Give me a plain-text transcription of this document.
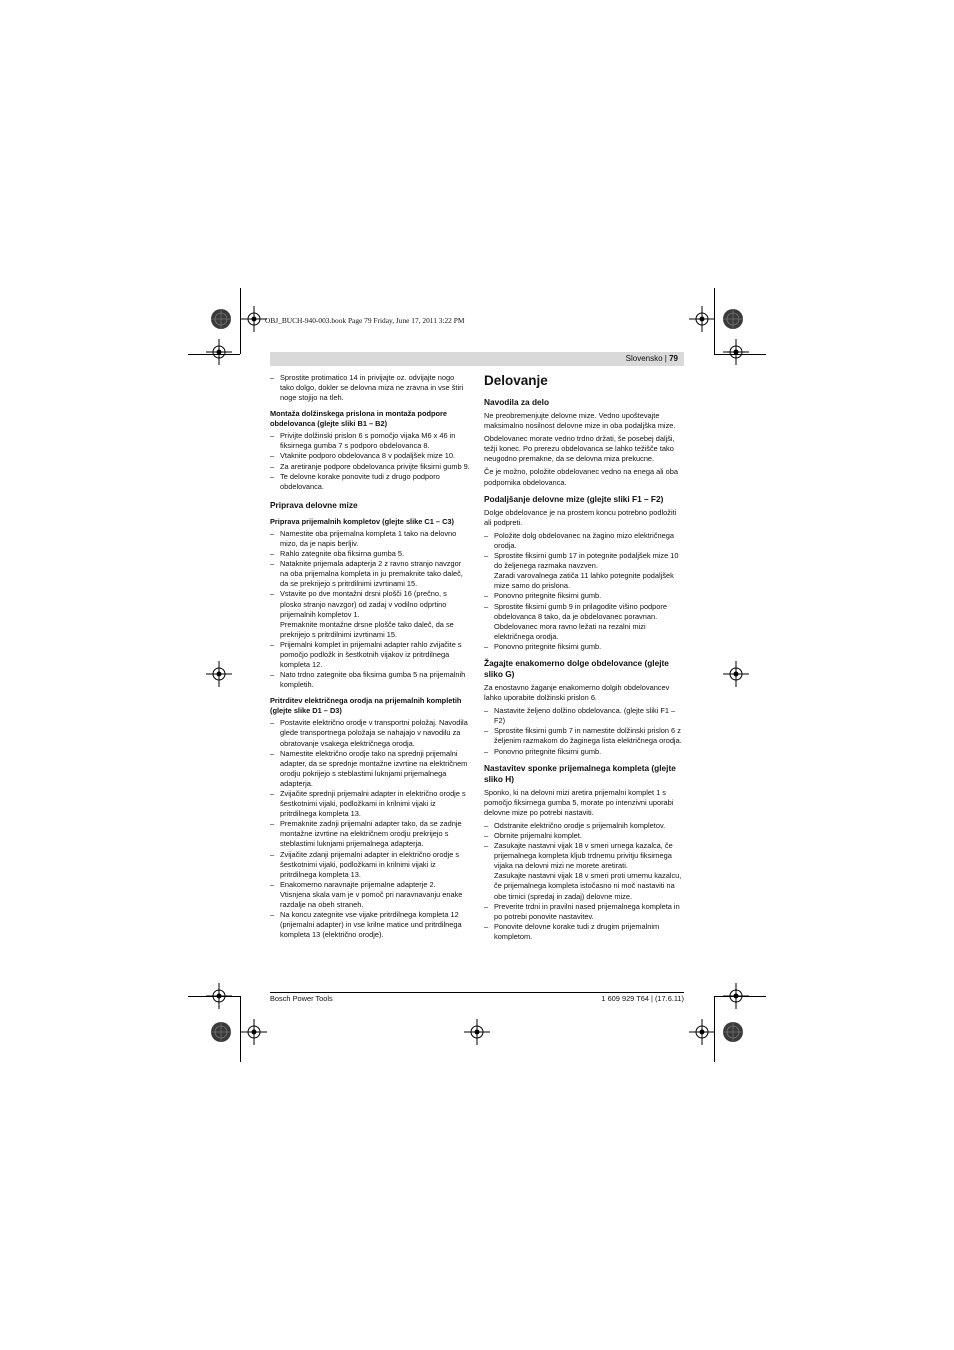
OBJ_BUCH-940-003.book Page 79 Friday, June 17, 2011 3:22 PM
Slovensko | 79
– Sprostite protimatico 14 in privijajte oz. odvijajte nogo tako dolgo, dokler se delovna miza ne zravna in vse štiri noge stojijo na tleh.
Montaža dolžinskega prislona in montaža podpore obdelovanca (glejte sliki B1 – B2)
– Privijte dolžinski prislon 6 s pomočjo vijaka M6 x 46 in fiksirnega gumba 7 s podporo obdelovanca 8.
– Vtaknite podporo obdelovanca 8 v podaljšek mize 10.
– Za aretiranje podpore obdelovanca privijte fiksirni gumb 9.
– Te delovne korake ponovite tudi z drugo podporo obdelovanca.
Priprava delovne mize
Priprava prijemalnih kompletov (glejte slike C1 – C3)
– Namestite oba prijemalna kompleta 1 tako na delovno mizo, da je napis berljiv.
– Rahlo zategnite oba fiksirna gumba 5.
– Nataknite prijemala adapterja 2 z ravno stranjo navzgor na oba prijemalna kompleta in ju premaknite tako daleč, da se prekrijejo s pritrdilnimi izvrtinami 15.
– Vstavite po dve montažni drsni plošči 16 (prečno, s plosko stranjo navzgor) od zadaj v vodilno odprtino prijemalnih kompletov 1.
Premaknite montažne drsne plošče tako daleč, da se prekrijejo s pritrdilnimi izvrtinami 15.
– Prijemalni komplet in prijemalni adapter rahlo zvijačite s pomočjo podložk in šestkotnih vijakov iz pritrdilnega kompleta 12.
– Nato trdno zategnite oba fiksirna gumba 5 na prijemalnih kompletih.
Pritrditev električnega orodja na prijemalnih kompletih (glejte slike D1 – D3)
– Postavite električno orodje v transportni položaj. Navodila glede transportnega položaja se nahajajo v navodilu za obratovanje vsakega električnega orodja.
– Namestite električno orodje tako na sprednji prijemalni adapter, da se sprednje montažne izvrtine na električnem orodju pokrijejo s steblastimi luknjami prijemalnega adapterja.
– Zvijačite sprednji prijemalni adapter in električno orodje s šestkotnimi vijaki, podložkami in krilnimi vijaki iz pritrdilnega kompleta 13.
– Premaknite zadnji prijemalni adapter tako, da se zadnje montažne izvrtine na električnem orodju prekrijejo s steblastimi luknjami prijemalnega adapterja.
– Zvijačite zdanji prijemalni adapter in električno orodje s šestkotnimi vijaki, podložkami in krilnimi vijaki iz pritrdilnega kompleta 13.
– Enakomerno naravnajte prijemalne adapterje 2.
Vtisnjena skala vam je v pomoč pri naravnavanju enake razdalje na obeh straneh.
– Na koncu zategnite vse vijake pritrdilnega kompleta 12 (prijemalni adapter) in vse krilne matice und pritrdilnega kompleta 13 (električno orodje).
Delovanje
Navodila za delo

Ne preobremenjujte delovne mize. Vedno upoštevajte maksimalno nosilnost delovne mize in oba podaljška mize.

Obdelovanec morate vedno trdno držati, še posebej daljši, težji konec. Po prerezu obdelovanca se lahko težišče tako neugodno premakne, da se delovna miza prekucne.

Če je možno, položite obdelovanec vedno na enega ali oba podpornika obdelovanca.

Podaljšanje delovne mize (glejte sliki F1 – F2)

Dolge obdelovance je na prostem koncu potrebno podložiti ali podpreti.

– Položite dolg obdelovanec na žagino mizo električnega orodja.
– Sprostite fiksirni gumb 17 in potegnite podaljšek mize 10 do željenega razmaka navzven.
Zaradi varovalnega zatiča 11 lahko potegnite podaljšek mize samo do prislona.
– Ponovno pritegnite fiksirni gumb.
– Sprostite fiksirni gumb 9 in prilagodite višino podpore obdelovanca 8 tako, da je obdelovanec poravnan.
Obdelovanec mora ravno ležati na rezalni mizi električnega orodja.
– Ponovno pritegnite fiksirni gumb.
Žagajte enakomerno dolge obdelovance (glejte sliko G)

Za enostavno žaganje enakomerno dolgih obdelovancev lahko uporabite dolžinski prislon 6.

– Nastavite željeno dolžino obdelovanca. (glejte sliki F1 – F2)
– Sprostite fiksirni gumb 7 in namestite dolžinski prislon 6 z željenim razmakom do žaginega lista električnega orodja.
– Ponovno pritegnite fiksirni gumb.
Nastavitev sponke prijemalnega kompleta (glejte sliko H)

Sponko, ki na delovni mizi aretira prijemalni komplet 1 s pomočjo fiksirnega gumba 5, morate po intenzivni uporabi delovne mize po potrebi nastaviti.

– Odstranite električno orodje s prijemalnih kompletov.
– Obrnite prijemalni komplet.
– Zasukajte nastavni vijak 18 v smeri urnega kazalca, če prijemalnega kompleta kljub trdnemu privitju fiksirnega vijaka na delovni mizi ne morete aretirati.
Zasukajte nastavni vijak 18 v smeri proti urnemu kazalcu, če prijemalnega kompleta istočasno ni moč nastaviti na obe tirnici (spredaj in zadaj) delovne mize.
– Preverite trdni in pravilni nased prijemalnega kompleta in po potrebi ponovite nastavitev.
– Ponovite delovne korake tudi z drugim prijemalnim kompletom.
Bosch Power Tools	1 609 929 T64 | (17.6.11)
